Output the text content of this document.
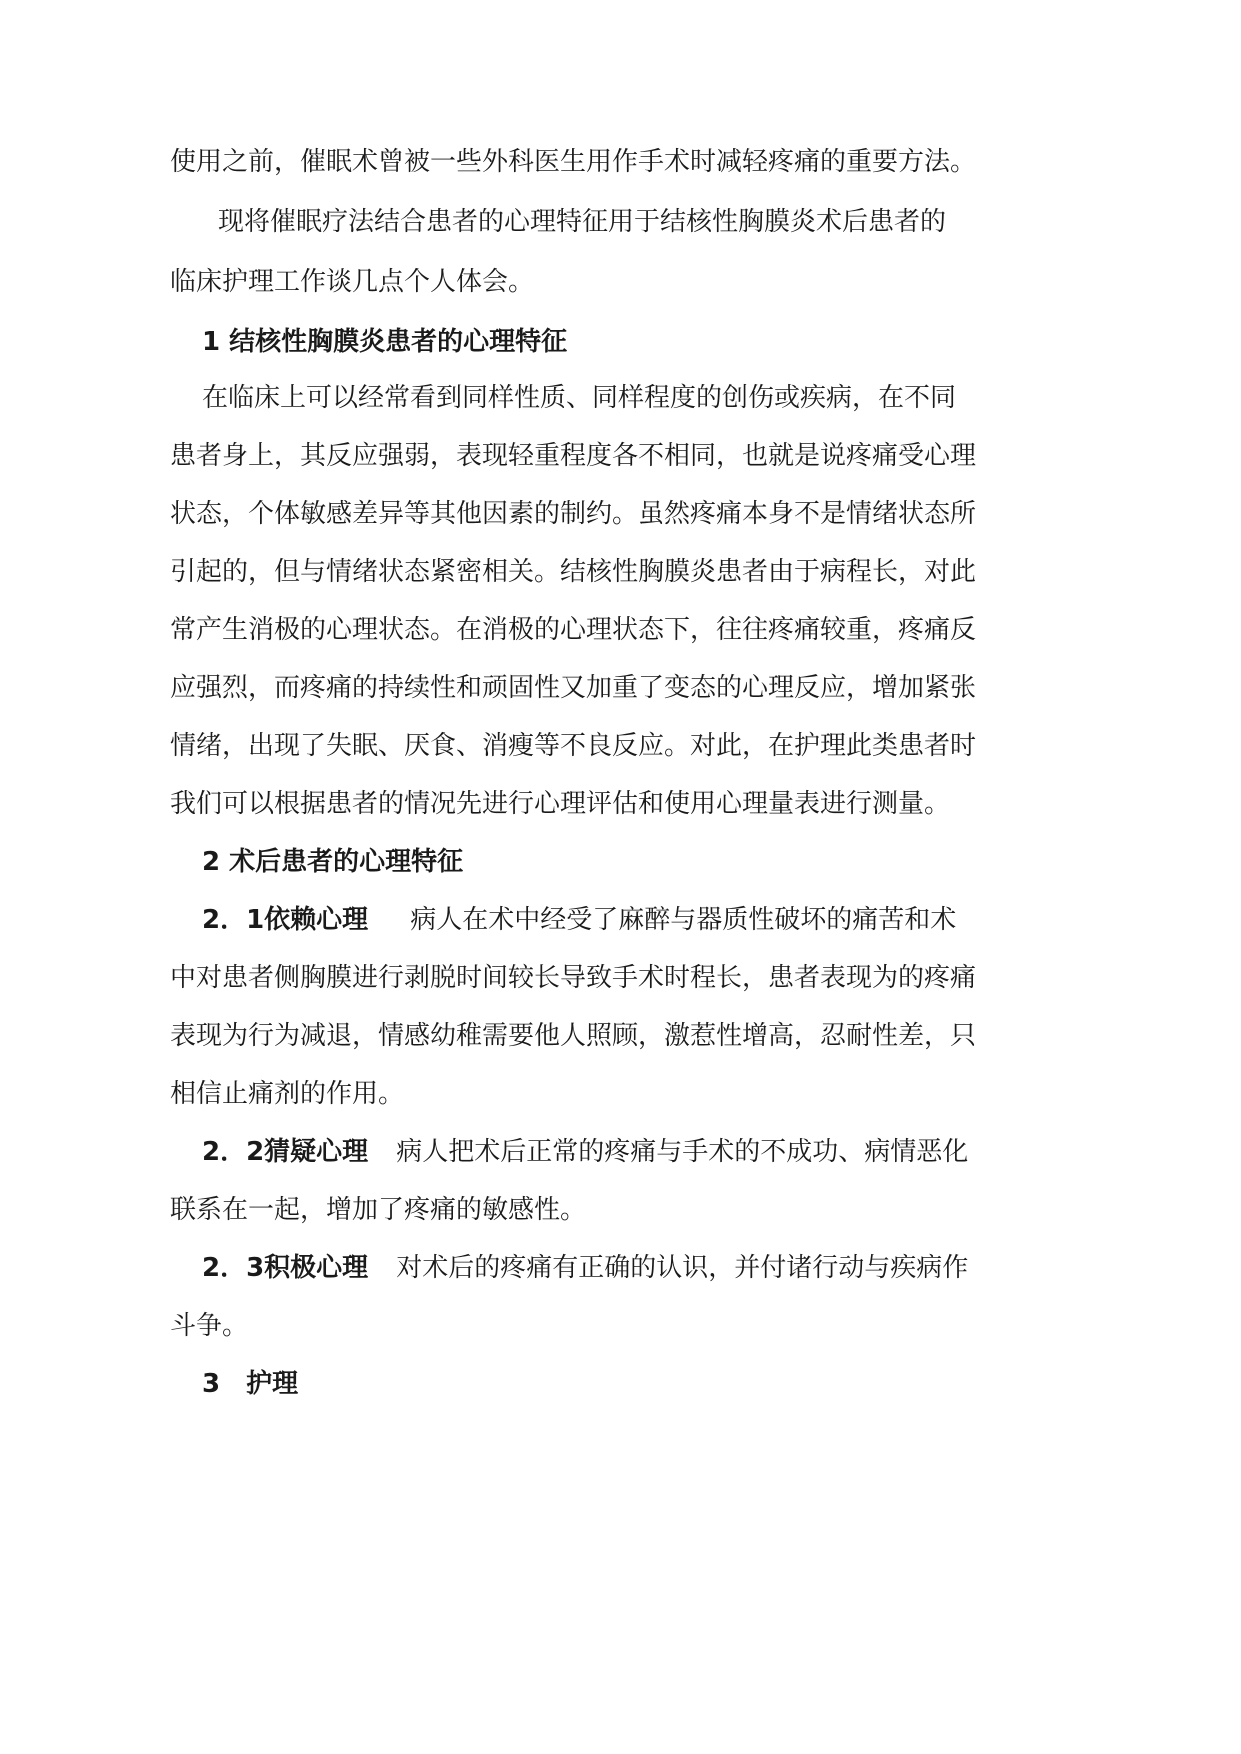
使用之前，催眠术曾被一些外科医生用作手术时减轻疼痛的重要方法。
现将催眠疗法结合患者的心理特征用于结核性胸膜炎术后患者的
临床护理工作谈几点个人体会。
1 结核性胸膜炎患者的心理特征
在临床上可以经常看到同样性质、同样程度的创伤或疾病，在不同
患者身上，其反应强弱，表现轻重程度各不相同，也就是说疼痛受心理
状态，个体敏感差异等其他因素的制约。虽然疼痛本身不是情绪状态所
引起的，但与情绪状态紧密相关。结核性胸膜炎患者由于病程长，对此
常产生消极的心理状态。在消极的心理状态下，往往疼痛较重，疼痛反
应强烈，而疼痛的持续性和顽固性又加重了变态的心理反应，增加紧张
情绪，出现了失眠、厌食、消瘦等不良反应。对此，在护理此类患者时
我们可以根据患者的情况先进行心理评估和使用心理量表进行测量。
2 术后患者的心理特征
2．1依赖心理 病人在术中经受了麻醉与器质性破坏的痛苦和术
中对患者侧胸膜进行剥脱时间较长导致手术时程长，患者表现为的疼痛
表现为行为减退，情感幼稚需要他人照顾，激惹性增高，忍耐性差，只
相信止痛剂的作用。
2．2猜疑心理 病人把术后正常的疼痛与手术的不成功、病情恶化
联系在一起，增加了疼痛的敏感性。
2．3积极心理 对术后的疼痛有正确的认识，并付诸行动与疾病作
斗争。
3　护理
